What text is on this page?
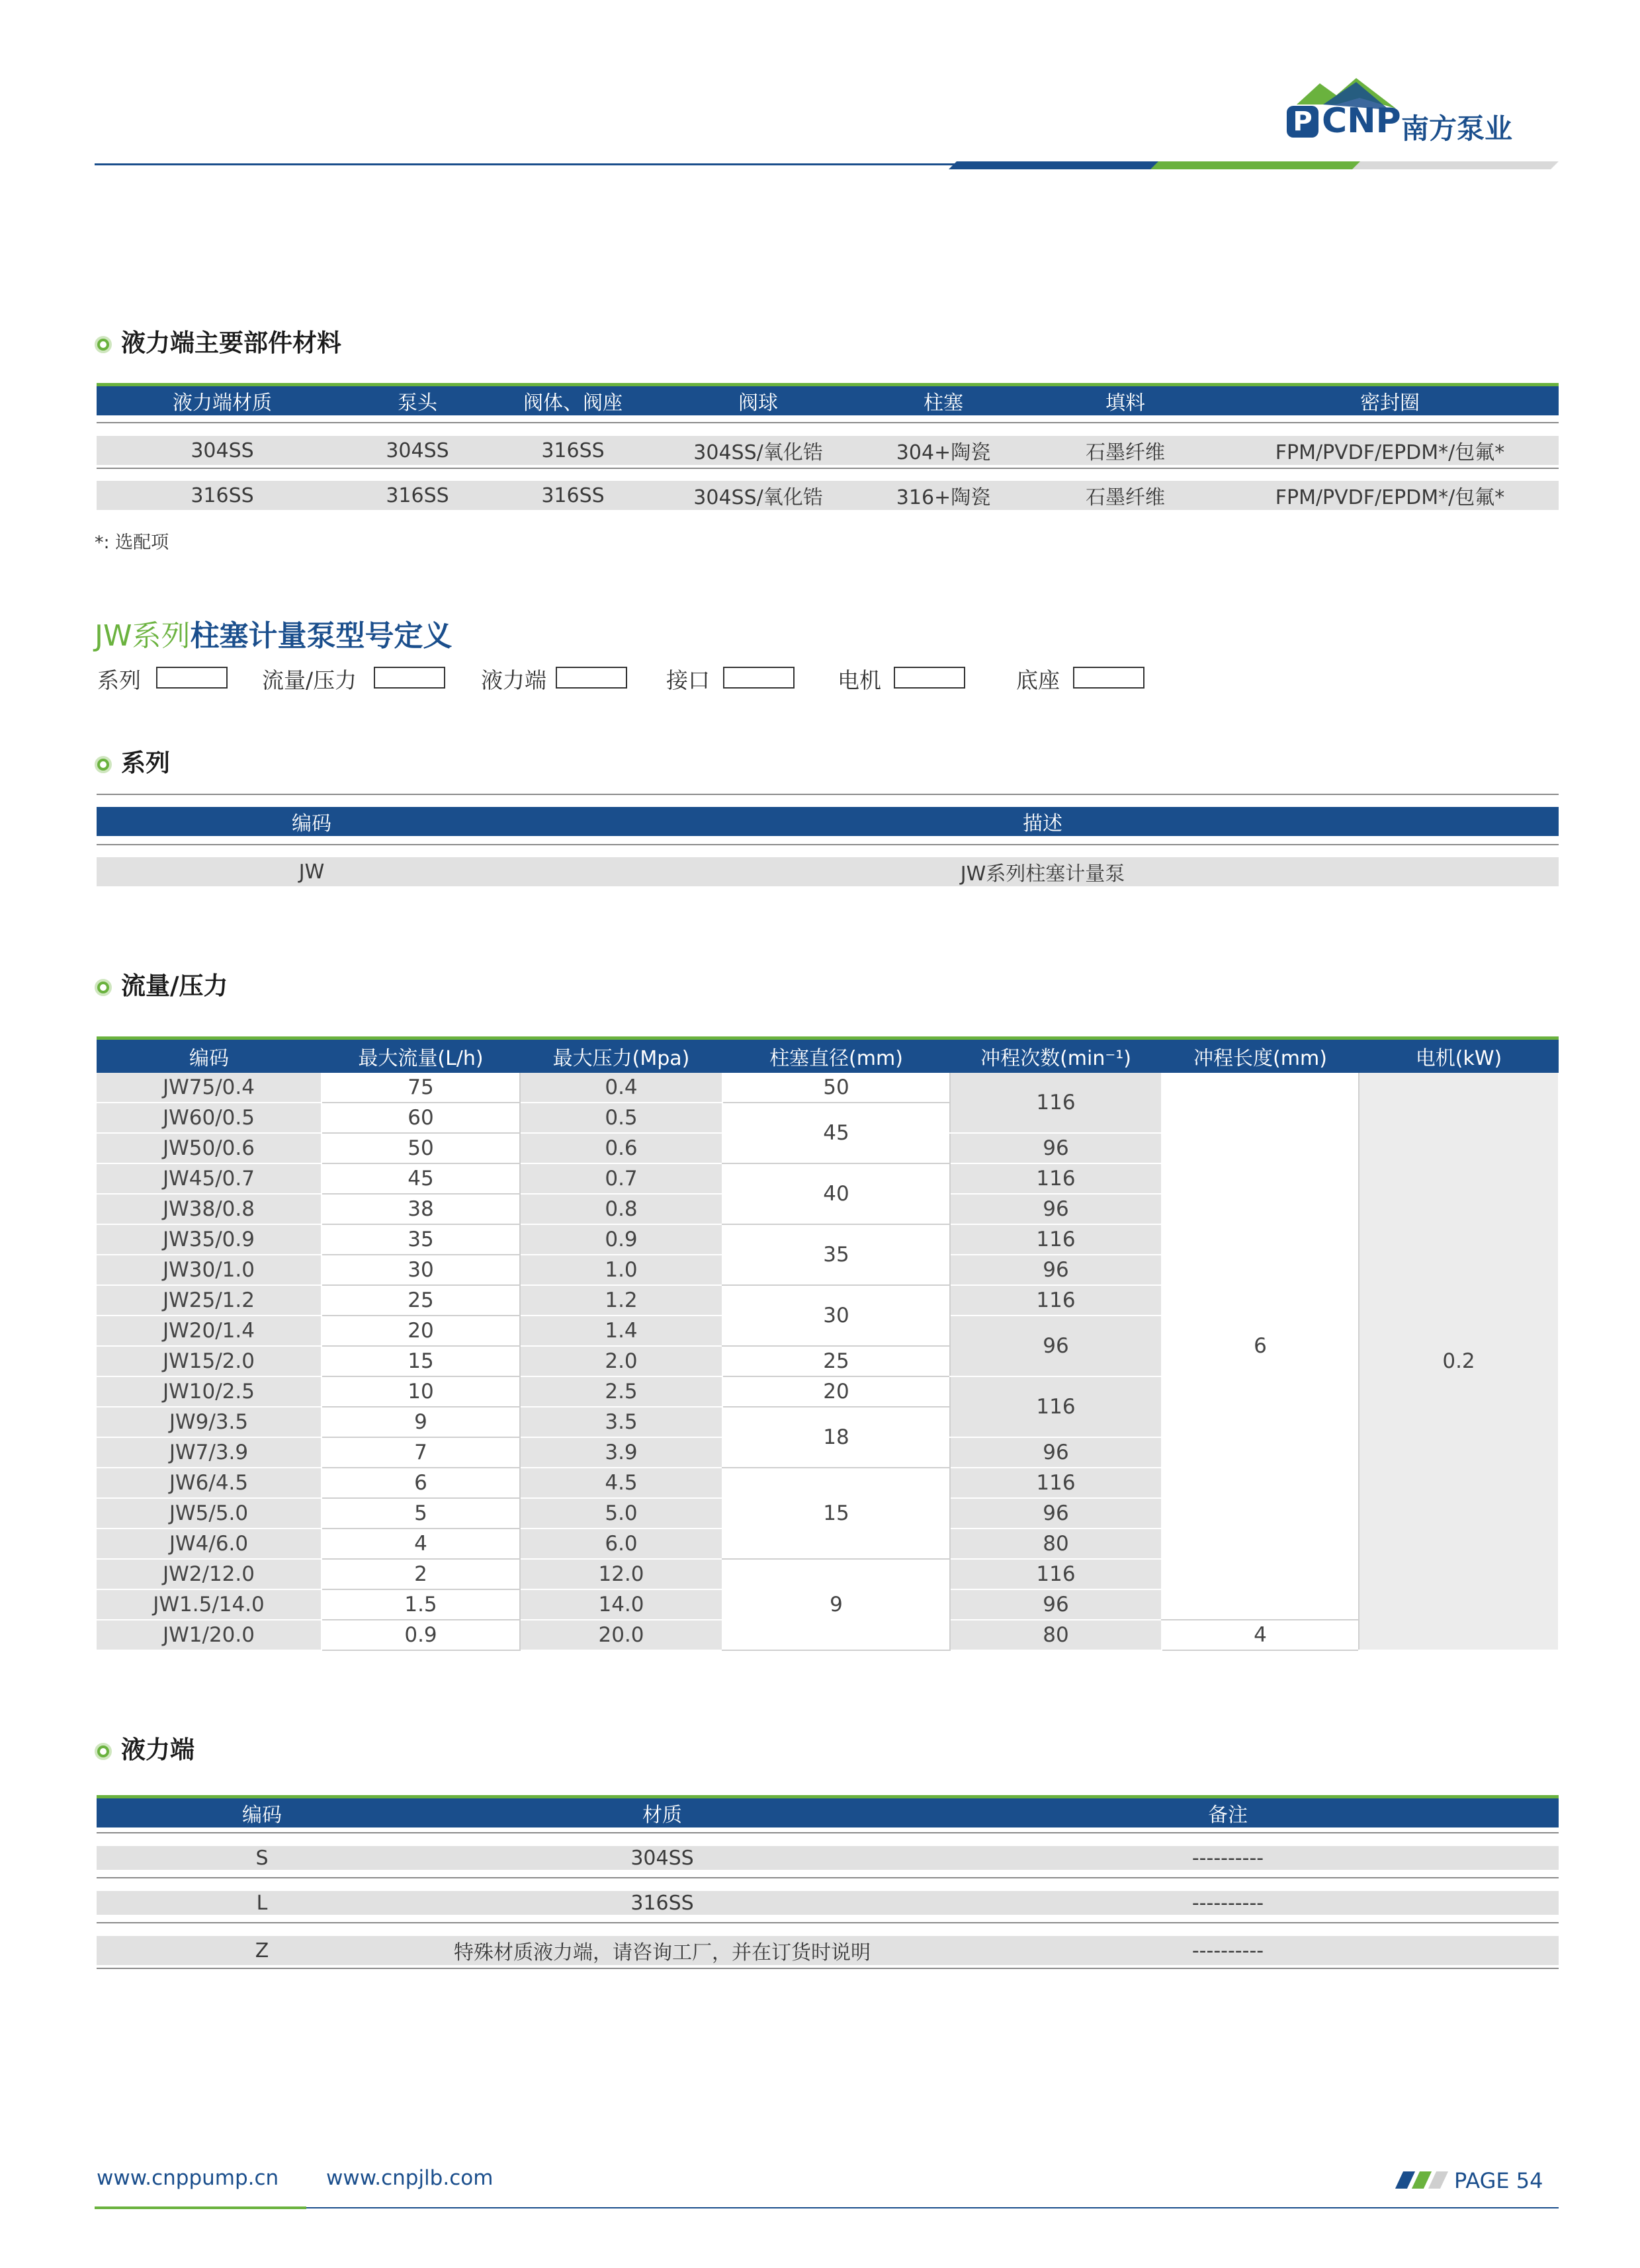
P CNP 南方泵业
液力端主要部件材料
液力端材质	泵头	阀体、阀座	阀球	柱塞	填料	密封圈
304SS	304SS	316SS	304SS/氧化锆	304+陶瓷	石墨纤维	FPM/PVDF/EPDM*/包氟*
316SS	316SS	316SS	304SS/氧化锆	316+陶瓷	石墨纤维	FPM/PVDF/EPDM*/包氟*
*: 选配项
JW系列柱塞计量泵型号定义
系列	流量/压力	液力端	接口	电机	底座
系列
编码	描述
JW	JW系列柱塞计量泵
流量/压力
编码	最大流量(L/h)	最大压力(Mpa)	柱塞直径(mm)	冲程次数(min⁻¹)	冲程长度(mm)	电机(kW)
JW75/0.4	75	0.4	50	116	6	0.2
JW60/0.5	60	0.5	45			
JW50/0.6	50	0.6		96		
JW45/0.7	45	0.7	40	116		
JW38/0.8	38	0.8		96		
JW35/0.9	35	0.9	35	116		
JW30/1.0	30	1.0		96		
JW25/1.2	25	1.2	30	116		
JW20/1.4	20	1.4		96		
JW15/2.0	15	2.0	25			
JW10/2.5	10	2.5	20	116		
JW9/3.5	9	3.5	18			
JW7/3.9	7	3.9		96		
JW6/4.5	6	4.5	15	116		
JW5/5.0	5	5.0		96		
JW4/6.0	4	6.0		80		
JW2/12.0	2	12.0	9	116		
JW1.5/14.0	1.5	14.0		96		
JW1/20.0	0.9	20.0		80	4	
液力端
编码	材质	备注
S	304SS	----------
L	316SS	----------
Z	特殊材质液力端，请咨询工厂，并在订货时说明	----------
www.cnppump.cn www.cnpjlb.com	PAGE 54
